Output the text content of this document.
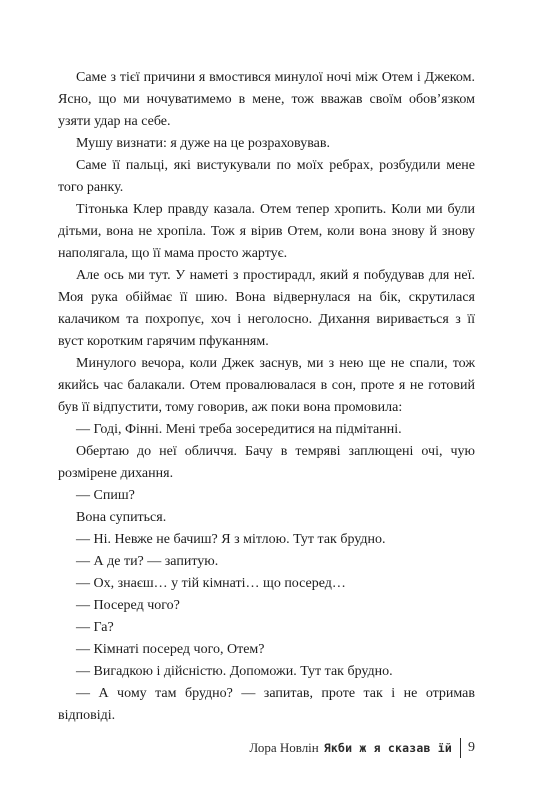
Саме з тієї причини я вмостився минулої ночі між Отем і Джеком. Ясно, що ми ночуватимемо в мене, тож вважав своїм обов’язком узяти удар на себе.

Мушу визнати: я дуже на це розраховував.

Саме її пальці, які вистукували по моїх ребрах, розбудили мене того ранку.

Тітонька Клер правду казала. Отем тепер хропить. Коли ми були дітьми, вона не хропіла. Тож я вірив Отем, коли вона знову й знову наполягала, що її мама просто жартує.

Але ось ми тут. У наметі з простирадл, який я побудував для неї. Моя рука обіймає її шию. Вона відвернулася на бік, скрутилася калачиком та похропує, хоч і неголосно. Дихання виривається з її вуст коротким гарячим пфуканням.

Минулого вечора, коли Джек заснув, ми з нею ще не спали, тож якийсь час балакали. Отем провалювалася в сон, проте я не готовий був її відпустити, тому говорив, аж поки вона промовила:

— Годі, Фінні. Мені треба зосередитися на підмітанні.

Обертаю до неї обличчя. Бачу в темряві заплющені очі, чую розмірене дихання.

— Спиш?

Вона супиться.

— Ні. Невже не бачиш? Я з мітлою. Тут так брудно.

— А де ти? — запитую.

— Ох, знаєш… у тій кімнаті… що посеред…

— Посеред чого?

— Га?

— Кімнаті посеред чого, Отем?

— Вигадкою і дійсністю. Допоможи. Тут так брудно.

— А чому там брудно? — запитав, проте так і не отримав відповіді.

Лора Новлін Якби ж я сказав їй 9
